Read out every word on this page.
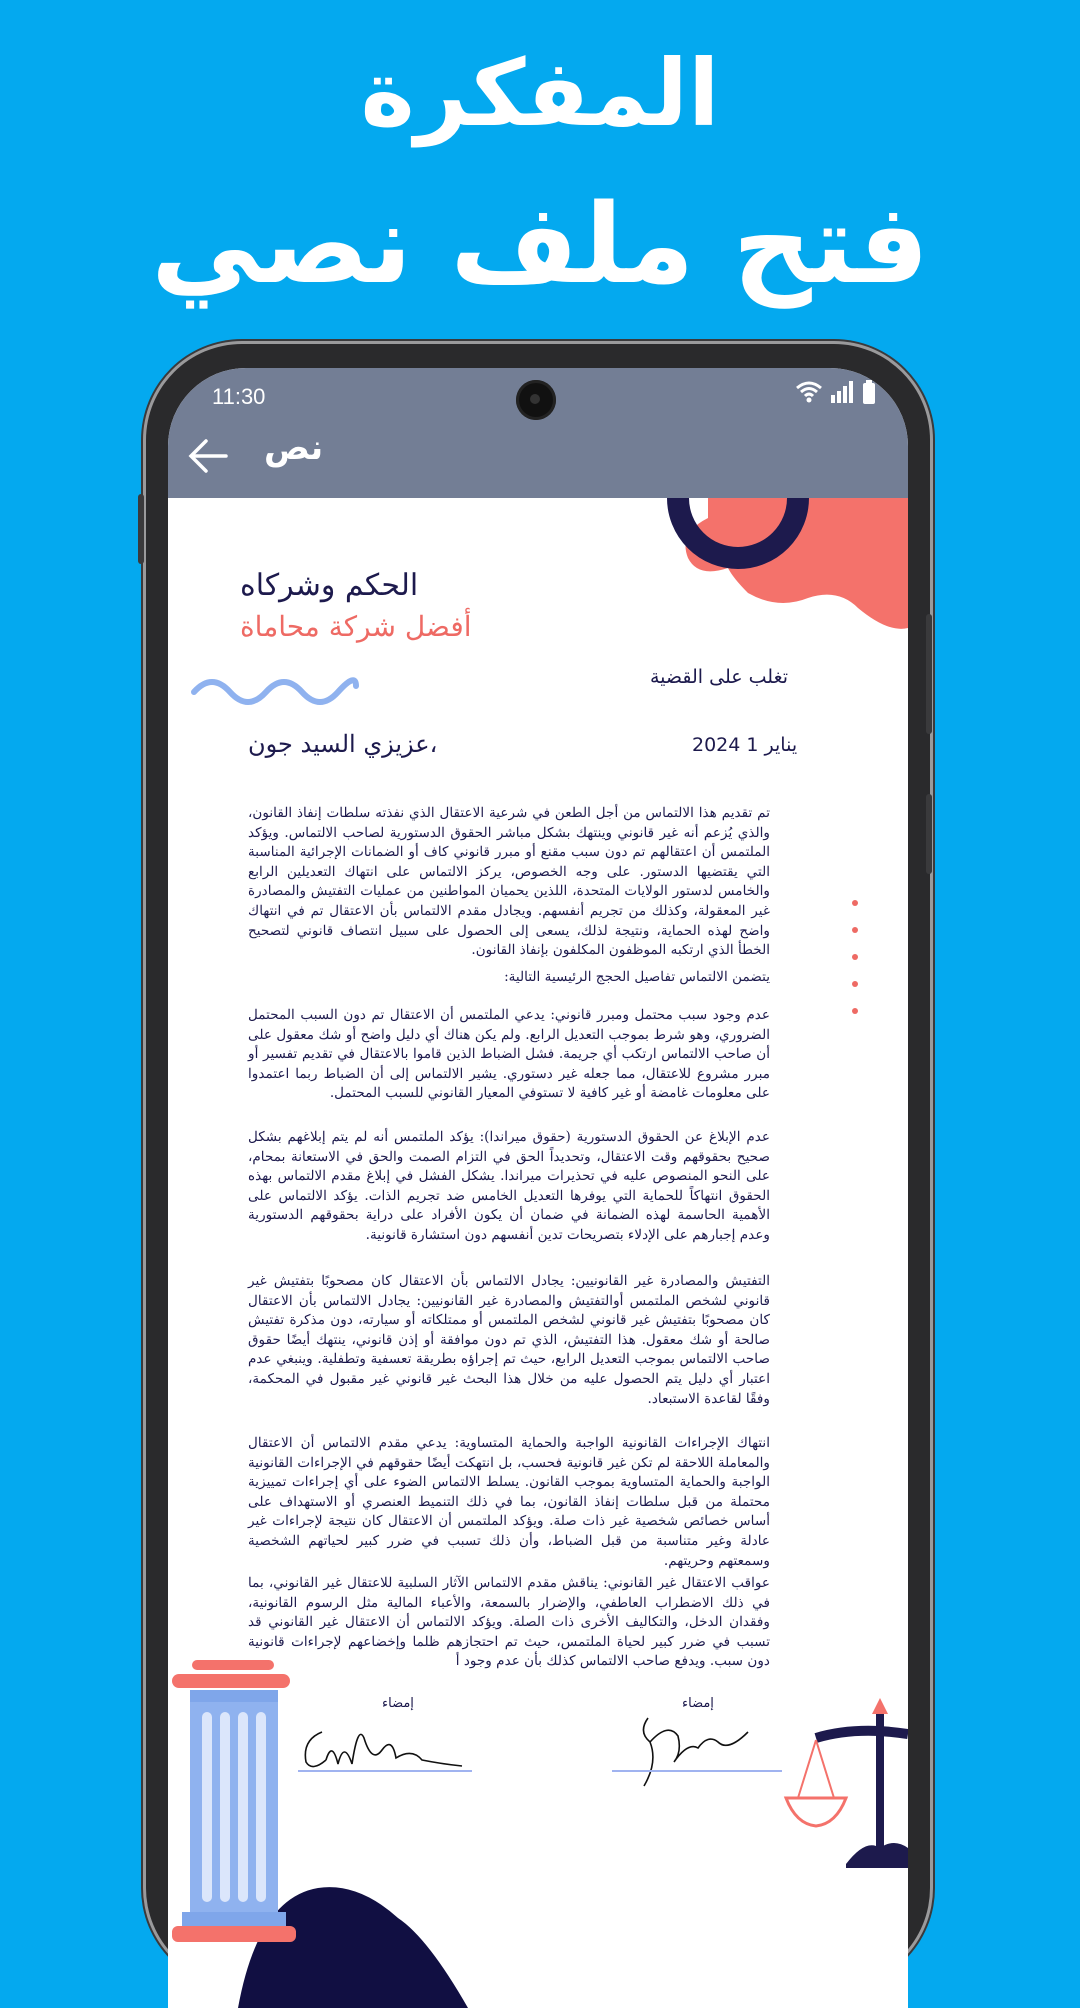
المفكرة
فتح ملف نصي
11:30
نص
الحكم وشركاه
أفضل شركة محاماة
تغلب على القضية
،عزيزي السيد جون	يناير 1 2024
تم تقديم هذا الالتماس من أجل الطعن في شرعية الاعتقال الذي نفذته سلطات إنفاذ القانون، والذي يُزعم أنه غير قانوني وينتهك بشكل مباشر الحقوق الدستورية لصاحب الالتماس. ويؤكد الملتمس أن اعتقالهم تم دون سبب مقنع أو مبرر قانوني كاف أو الضمانات الإجرائية المناسبة التي يقتضيها الدستور. على وجه الخصوص، يركز الالتماس على انتهاك التعديلين الرابع والخامس لدستور الولايات المتحدة، اللذين يحميان المواطنين من عمليات التفتيش والمصادرة غير المعقولة، وكذلك من تجريم أنفسهم. ويجادل مقدم الالتماس بأن الاعتقال تم في انتهاك واضح لهذه الحماية، ونتيجة لذلك، يسعى إلى الحصول على سبيل انتصاف قانوني لتصحيح الخطأ الذي ارتكبه الموظفون المكلفون بإنفاذ القانون.
يتضمن الالتماس تفاصيل الحجج الرئيسية التالية:
عدم وجود سبب محتمل ومبرر قانوني: يدعي الملتمس أن الاعتقال تم دون السبب المحتمل الضروري، وهو شرط بموجب التعديل الرابع. ولم يكن هناك أي دليل واضح أو شك معقول على أن صاحب الالتماس ارتكب أي جريمة. فشل الضباط الذين قاموا بالاعتقال في تقديم تفسير أو مبرر مشروع للاعتقال، مما جعله غير دستوري. يشير الالتماس إلى أن الضباط ربما اعتمدوا على معلومات غامضة أو غير كافية لا تستوفي المعيار القانوني للسبب المحتمل.
عدم الإبلاغ عن الحقوق الدستورية (حقوق ميراندا): يؤكد الملتمس أنه لم يتم إبلاغهم بشكل صحيح بحقوقهم وقت الاعتقال، وتحديداً الحق في التزام الصمت والحق في الاستعانة بمحام، على النحو المنصوص عليه في تحذيرات ميراندا. يشكل الفشل في إبلاغ مقدم الالتماس بهذه الحقوق انتهاكاً للحماية التي يوفرها التعديل الخامس ضد تجريم الذات. يؤكد الالتماس على الأهمية الحاسمة لهذه الضمانة في ضمان أن يكون الأفراد على دراية بحقوقهم الدستورية وعدم إجبارهم على الإدلاء بتصريحات تدين أنفسهم دون استشارة قانونية.
التفتيش والمصادرة غير القانونيين: يجادل الالتماس بأن الاعتقال كان مصحوبًا بتفتيش غير قانوني لشخص الملتمس أوالتفتيش والمصادرة غير القانونيين: يجادل الالتماس بأن الاعتقال كان مصحوبًا بتفتيش غير قانوني لشخص الملتمس أو ممتلكاته أو سيارته، دون مذكرة تفتيش صالحة أو شك معقول. هذا التفتيش، الذي تم دون موافقة أو إذن قانوني، ينتهك أيضًا حقوق صاحب الالتماس بموجب التعديل الرابع، حيث تم إجراؤه بطريقة تعسفية وتطفلية. وينبغي عدم اعتبار أي دليل يتم الحصول عليه من خلال هذا البحث غير قانوني غير مقبول في المحكمة، وفقًا لقاعدة الاستبعاد.
انتهاك الإجراءات القانونية الواجبة والحماية المتساوية: يدعي مقدم الالتماس أن الاعتقال والمعاملة اللاحقة لم تكن غير قانونية فحسب، بل انتهكت أيضًا حقوقهم في الإجراءات القانونية الواجبة والحماية المتساوية بموجب القانون. يسلط الالتماس الضوء على أي إجراءات تمييزية محتملة من قبل سلطات إنفاذ القانون، بما في ذلك التنميط العنصري أو الاستهداف على أساس خصائص شخصية غير ذات صلة. ويؤكد الملتمس أن الاعتقال كان نتيجة لإجراءات غير عادلة وغير متناسبة من قبل الضباط، وأن ذلك تسبب في ضرر كبير لحياتهم الشخصية وسمعتهم وحريتهم.
عواقب الاعتقال غير القانوني: يناقش مقدم الالتماس الآثار السلبية للاعتقال غير القانوني، بما في ذلك الاضطراب العاطفي، والإضرار بالسمعة، والأعباء المالية مثل الرسوم القانونية، وفقدان الدخل، والتكاليف الأخرى ذات الصلة. ويؤكد الالتماس أن الاعتقال غير القانوني قد تسبب في ضرر كبير لحياة الملتمس، حيث تم احتجازهم ظلما وإخضاعهم لإجراءات قانونية دون سبب. ويدفع صاحب الالتماس كذلك بأن عدم وجود أ
إمضاء	إمضاء
